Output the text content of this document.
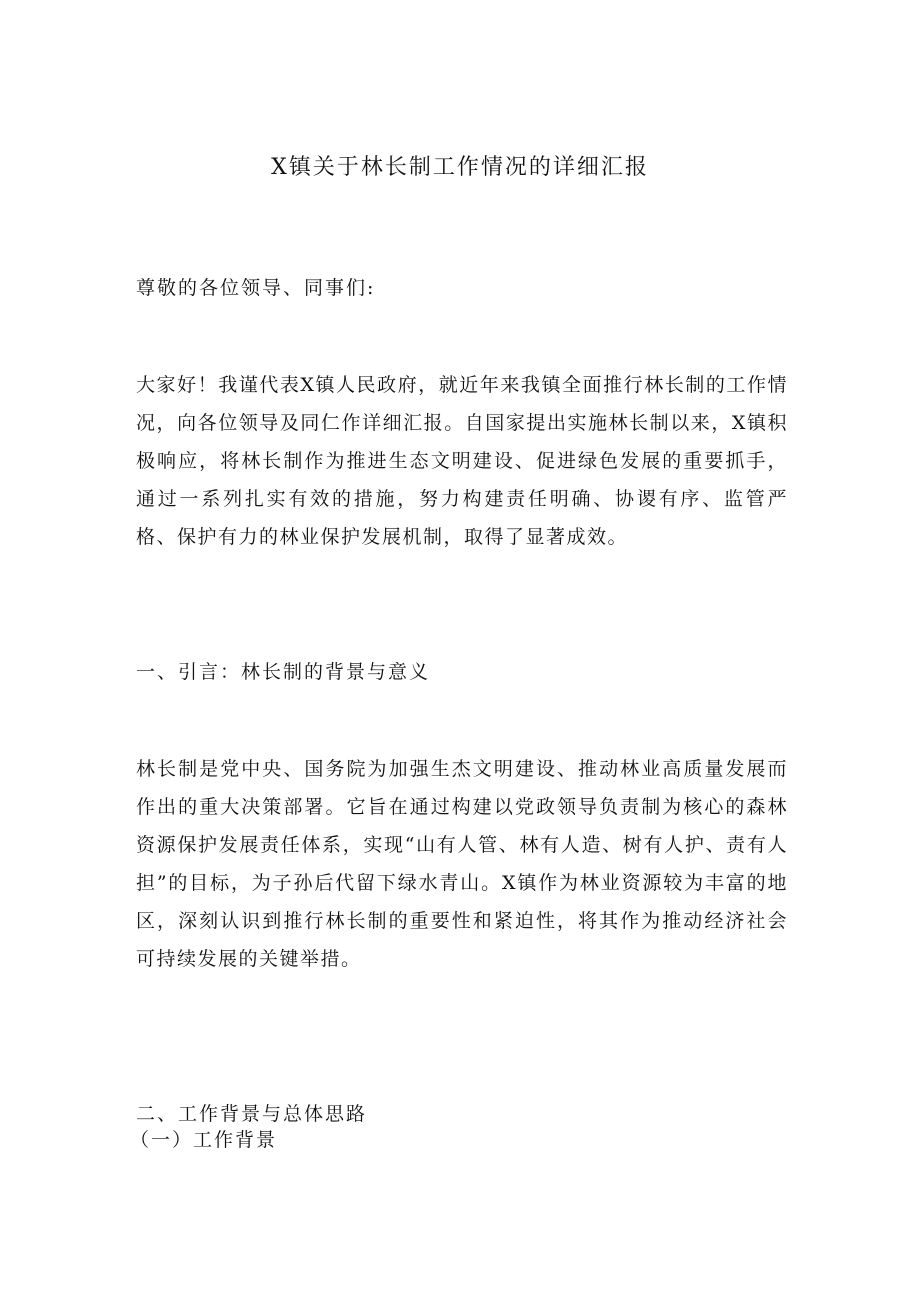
X镇关于林长制工作情况的详细汇报

尊敬的各位领导、同事们:

大家好！我谨代表X镇人民政府，就近年来我镇全面推行林长制的工作情况，向各位领导及同仁作详细汇报。自国家提出实施林长制以来，X镇积极响应，将林长制作为推进生态文明建设、促进绿色发展的重要抓手，通过一系列扎实有效的措施，努力构建责任明确、协谡有序、监管严格、保护有力的林业保护发展机制，取得了显著成效。

一、引言：林长制的背景与意义

林长制是党中央、国务院为加强生杰文明建设、推动林业高质量发展而作出的重大决策部署。它旨在通过构建以党政领导负责制为核心的森林资源保护发展责任体系，实现“山有人管、林有人造、树有人护、责有人担”的目标，为子孙后代留下绿水青山。X镇作为林业资源较为丰富的地区，深刻认识到推行林长制的重要性和紧迫性，将其作为推动经济社会可持续发展的关键举措。

二、工作背景与总体思路
（一）工作背景
